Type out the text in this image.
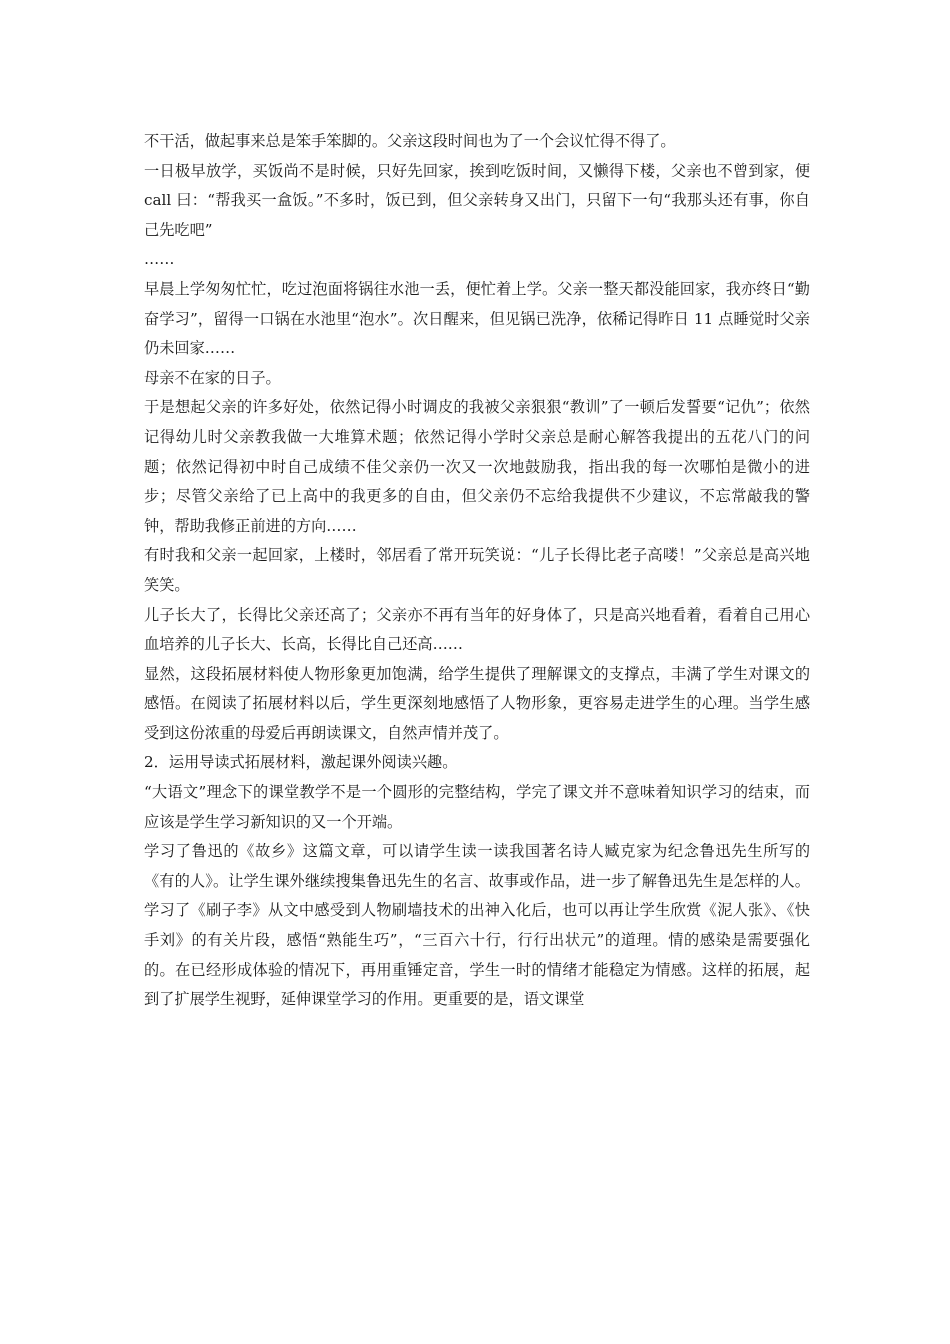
不干活，做起事来总是笨手笨脚的。父亲这段时间也为了一个会议忙得不得了。

一日极早放学，买饭尚不是时候，只好先回家，挨到吃饭时间，又懒得下楼，父亲也不曾到家，便 call 曰：“帮我买一盒饭。”不多时，饭已到，但父亲转身又出门，只留下一句“我那头还有事，你自己先吃吧”

……

早晨上学匆匆忙忙，吃过泡面将锅往水池一丢，便忙着上学。父亲一整天都没能回家，我亦终日“勤奋学习”，留得一口锅在水池里“泡水”。次日醒来，但见锅已洗净，依稀记得昨日 11 点睡觉时父亲仍未回家……

母亲不在家的日子。

于是想起父亲的许多好处，依然记得小时调皮的我被父亲狠狠“教训”了一顿后发誓要“记仇”；依然记得幼儿时父亲教我做一大堆算术题；依然记得小学时父亲总是耐心解答我提出的五花八门的问题；依然记得初中时自己成绩不佳父亲仍一次又一次地鼓励我，指出我的每一次哪怕是微小的进步；尽管父亲给了已上高中的我更多的自由，但父亲仍不忘给我提供不少建议，不忘常敲我的警钟，帮助我修正前进的方向……

有时我和父亲一起回家，上楼时，邻居看了常开玩笑说：“儿子长得比老子高喽！”父亲总是高兴地笑笑。

儿子长大了，长得比父亲还高了；父亲亦不再有当年的好身体了，只是高兴地看着，看着自己用心血培养的儿子长大、长高，长得比自己还高……

显然，这段拓展材料使人物形象更加饱满，给学生提供了理解课文的支撑点，丰满了学生对课文的感悟。在阅读了拓展材料以后，学生更深刻地感悟了人物形象，更容易走进学生的心理。当学生感受到这份浓重的母爱后再朗读课文，自然声情并茂了。

2．运用导读式拓展材料，激起课外阅读兴趣。

“大语文”理念下的课堂教学不是一个圆形的完整结构，学完了课文并不意味着知识学习的结束，而应该是学生学习新知识的又一个开端。

学习了鲁迅的《故乡》这篇文章，可以请学生读一读我国著名诗人臧克家为纪念鲁迅先生所写的《有的人》。让学生课外继续搜集鲁迅先生的名言、故事或作品，进一步了解鲁迅先生是怎样的人。学习了《刷子李》从文中感受到人物刷墙技术的出神入化后，也可以再让学生欣赏《泥人张》、《快手刘》的有关片段，感悟“熟能生巧”，“三百六十行，行行出状元”的道理。情的感染是需要强化的。在已经形成体验的情况下，再用重锤定音，学生一时的情绪才能稳定为情感。这样的拓展，起到了扩展学生视野，延伸课堂学习的作用。更重要的是，语文课堂
